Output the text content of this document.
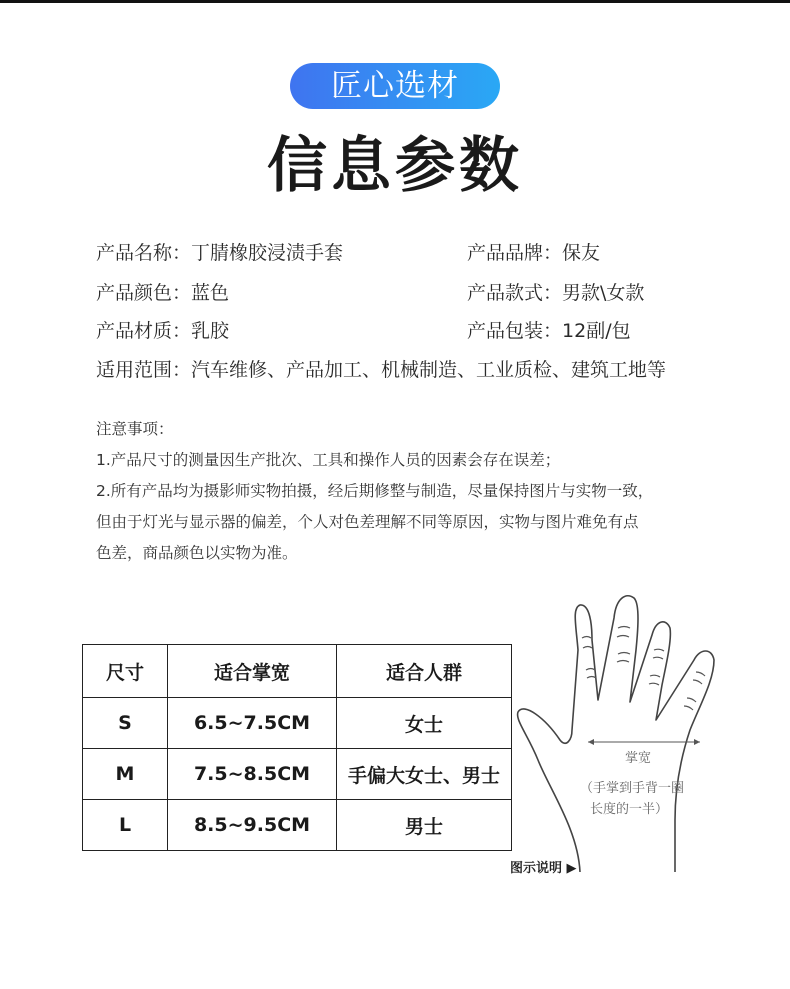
匠心选材
信息参数
产品名称：丁腈橡胶浸渍手套	产品品牌：保友
产品颜色：蓝色	产品款式：男款\女款
产品材质：乳胶	产品包装：12副/包
适用范围：汽车维修、产品加工、机械制造、工业质检、建筑工地等
注意事项：
1.产品尺寸的测量因生产批次、工具和操作人员的因素会存在误差；
2.所有产品均为摄影师实物拍摄，经后期修整与制造，尽量保持图片与实物一致，
但由于灯光与显示器的偏差，个人对色差理解不同等原因，实物与图片难免有点
色差，商品颜色以实物为准。
尺寸	适合掌宽	适合人群
S	6.5~7.5CM	女士
M	7.5~8.5CM	手偏大女士、男士
L	8.5~9.5CM	男士
掌宽
（手掌到手背一圈
长度的一半）
图示说明 ▶
